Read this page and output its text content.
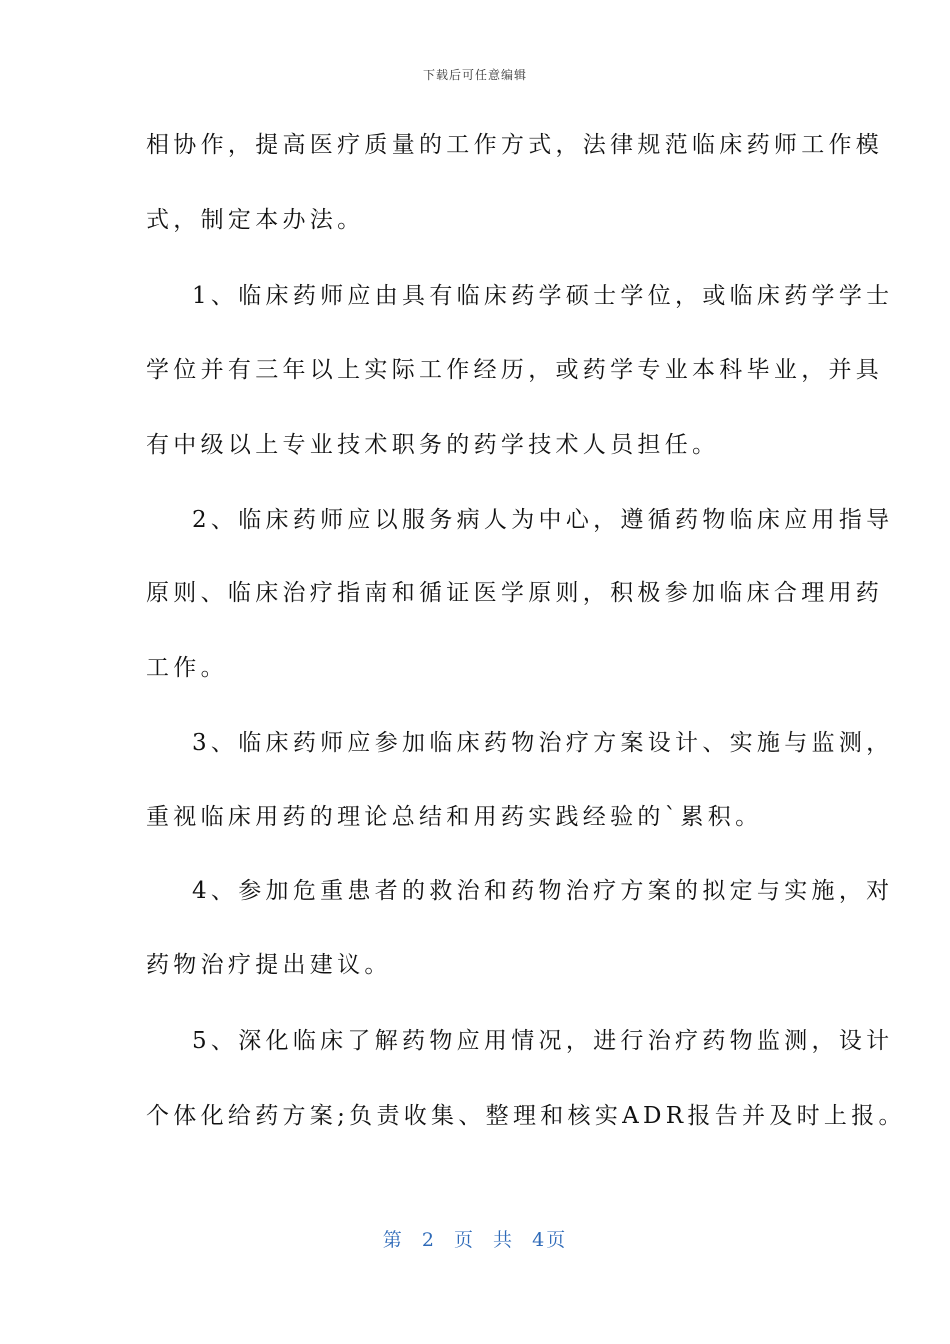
下载后可任意编辑
相协作，提高医疗质量的工作方式，法律规范临床药师工作模
式，制定本办法。
1、临床药师应由具有临床药学硕士学位，或临床药学学士
学位并有三年以上实际工作经历，或药学专业本科毕业，并具
有中级以上专业技术职务的药学技术人员担任。
2、临床药师应以服务病人为中心，遵循药物临床应用指导
原则、临床治疗指南和循证医学原则，积极参加临床合理用药
工作。
3、临床药师应参加临床药物治疗方案设计、实施与监测，
重视临床用药的理论总结和用药实践经验的`累积。
4、参加危重患者的救治和药物治疗方案的拟定与实施，对
药物治疗提出建议。
5、深化临床了解药物应用情况，进行治疗药物监测，设计
个体化给药方案;负责收集、整理和核实ADR报告并及时上报。
第 2 页 共 4页
